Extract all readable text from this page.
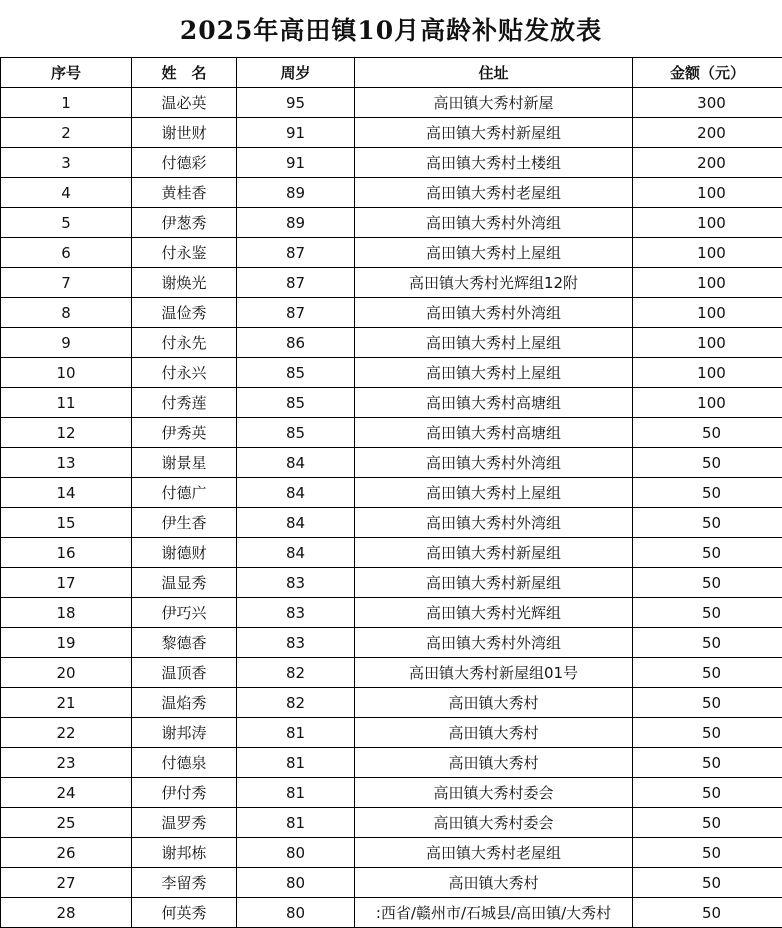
2025年高田镇10月高龄补贴发放表
序号	姓　名	周岁	住址	金额（元）
1	温必英	95	高田镇大秀村新屋	300
2	谢世财	91	高田镇大秀村新屋组	200
3	付德彩	91	高田镇大秀村土楼组	200
4	黄桂香	89	高田镇大秀村老屋组	100
5	伊葱秀	89	高田镇大秀村外湾组	100
6	付永鉴	87	高田镇大秀村上屋组	100
7	谢焕光	87	高田镇大秀村光辉组12附	100
8	温俭秀	87	高田镇大秀村外湾组	100
9	付永先	86	高田镇大秀村上屋组	100
10	付永兴	85	高田镇大秀村上屋组	100
11	付秀莲	85	高田镇大秀村高塘组	100
12	伊秀英	85	高田镇大秀村高塘组	50
13	谢景星	84	高田镇大秀村外湾组	50
14	付德广	84	高田镇大秀村上屋组	50
15	伊生香	84	高田镇大秀村外湾组	50
16	谢德财	84	高田镇大秀村新屋组	50
17	温显秀	83	高田镇大秀村新屋组	50
18	伊巧兴	83	高田镇大秀村光辉组	50
19	黎德香	83	高田镇大秀村外湾组	50
20	温顶香	82	高田镇大秀村新屋组01号	50
21	温焰秀	82	高田镇大秀村	50
22	谢邦涛	81	高田镇大秀村	50
23	付德泉	81	高田镇大秀村	50
24	伊付秀	81	高田镇大秀村委会	50
25	温罗秀	81	高田镇大秀村委会	50
26	谢邦栋	80	高田镇大秀村老屋组	50
27	李留秀	80	高田镇大秀村	50
28	何英秀	80	西省/赣州市/石城县/高田镇/大秀村:	50
